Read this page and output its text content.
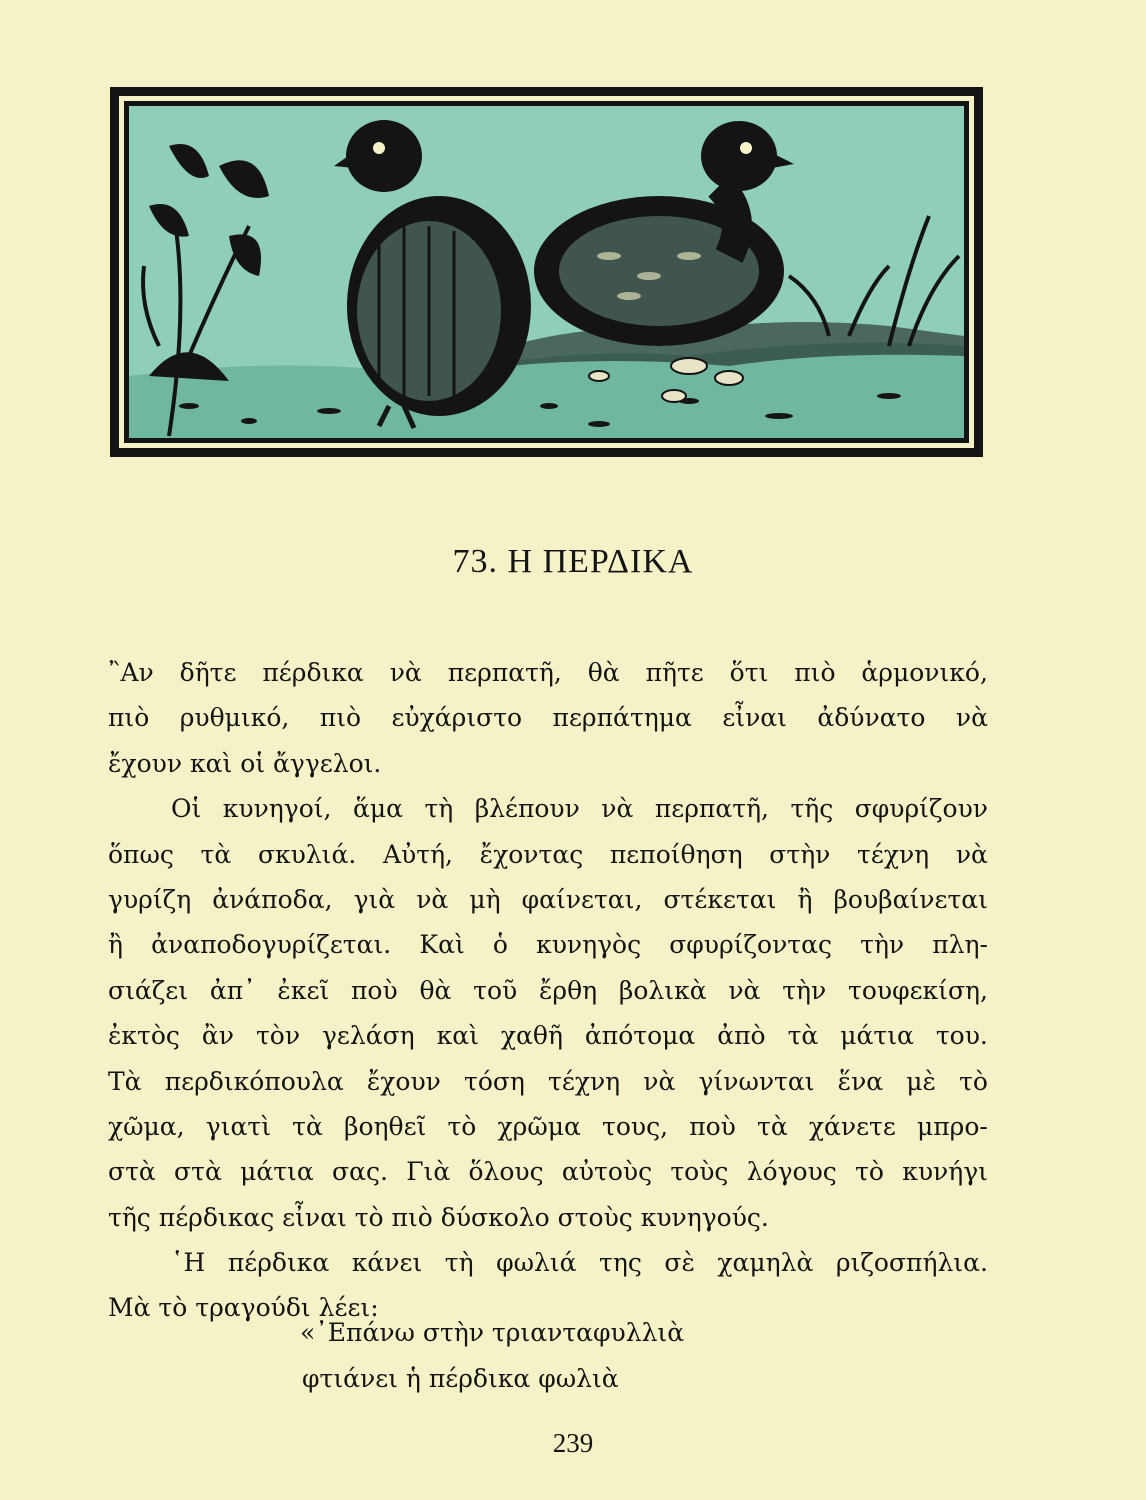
73. Η ΠΕΡΔΙΚΑ
῍Αν δῆτε πέρδικα νὰ περπατῆ, θὰ πῆτε ὅτι πιὸ ἁρμονικό,
πιὸ ρυθμικό, πιὸ εὐχάριστο περπάτημα εἶναι ἀδύνατο νὰ
ἔχουν καὶ οἱ ἄγγελοι.
Οἱ κυνηγοί, ἅμα τὴ βλέπουν νὰ περπατῆ, τῆς σφυρίζουν
ὅπως τὰ σκυλιά. Αὐτή, ἔχοντας πεποίθηση στὴν τέχνη νὰ
γυρίζη ἀνάποδα, γιὰ νὰ μὴ φαίνεται, στέκεται ἢ βουβαίνεται
ἢ ἀναποδογυρίζεται. Καὶ ὁ κυνηγὸς σφυρίζοντας τὴν πλη-
σιάζει ἀπ᾽ ἐκεῖ ποὺ θὰ τοῦ ἔρθη βολικὰ νὰ τὴν τουφεκίση,
ἐκτὸς ἂν τὸν γελάση καὶ χαθῆ ἀπότομα ἀπὸ τὰ μάτια του.
Τὰ περδικόπουλα ἔχουν τόση τέχνη νὰ γίνωνται ἕνα μὲ τὸ
χῶμα, γιατὶ τὰ βοηθεῖ τὸ χρῶμα τους, ποὺ τὰ χάνετε μπρο-
στὰ στὰ μάτια σας. Γιὰ ὅλους αὐτοὺς τοὺς λόγους τὸ κυνήγι
τῆς πέρδικας εἶναι τὸ πιὸ δύσκολο στοὺς κυνηγούς.
῾Η πέρδικα κάνει τὴ φωλιά της σὲ χαμηλὰ ριζοσπήλια.
Μὰ τὸ τραγούδι λέει:
«᾿Επάνω στὴν τριανταφυλλιὰ
φτιάνει ἡ πέρδικα φωλιὰ
239
